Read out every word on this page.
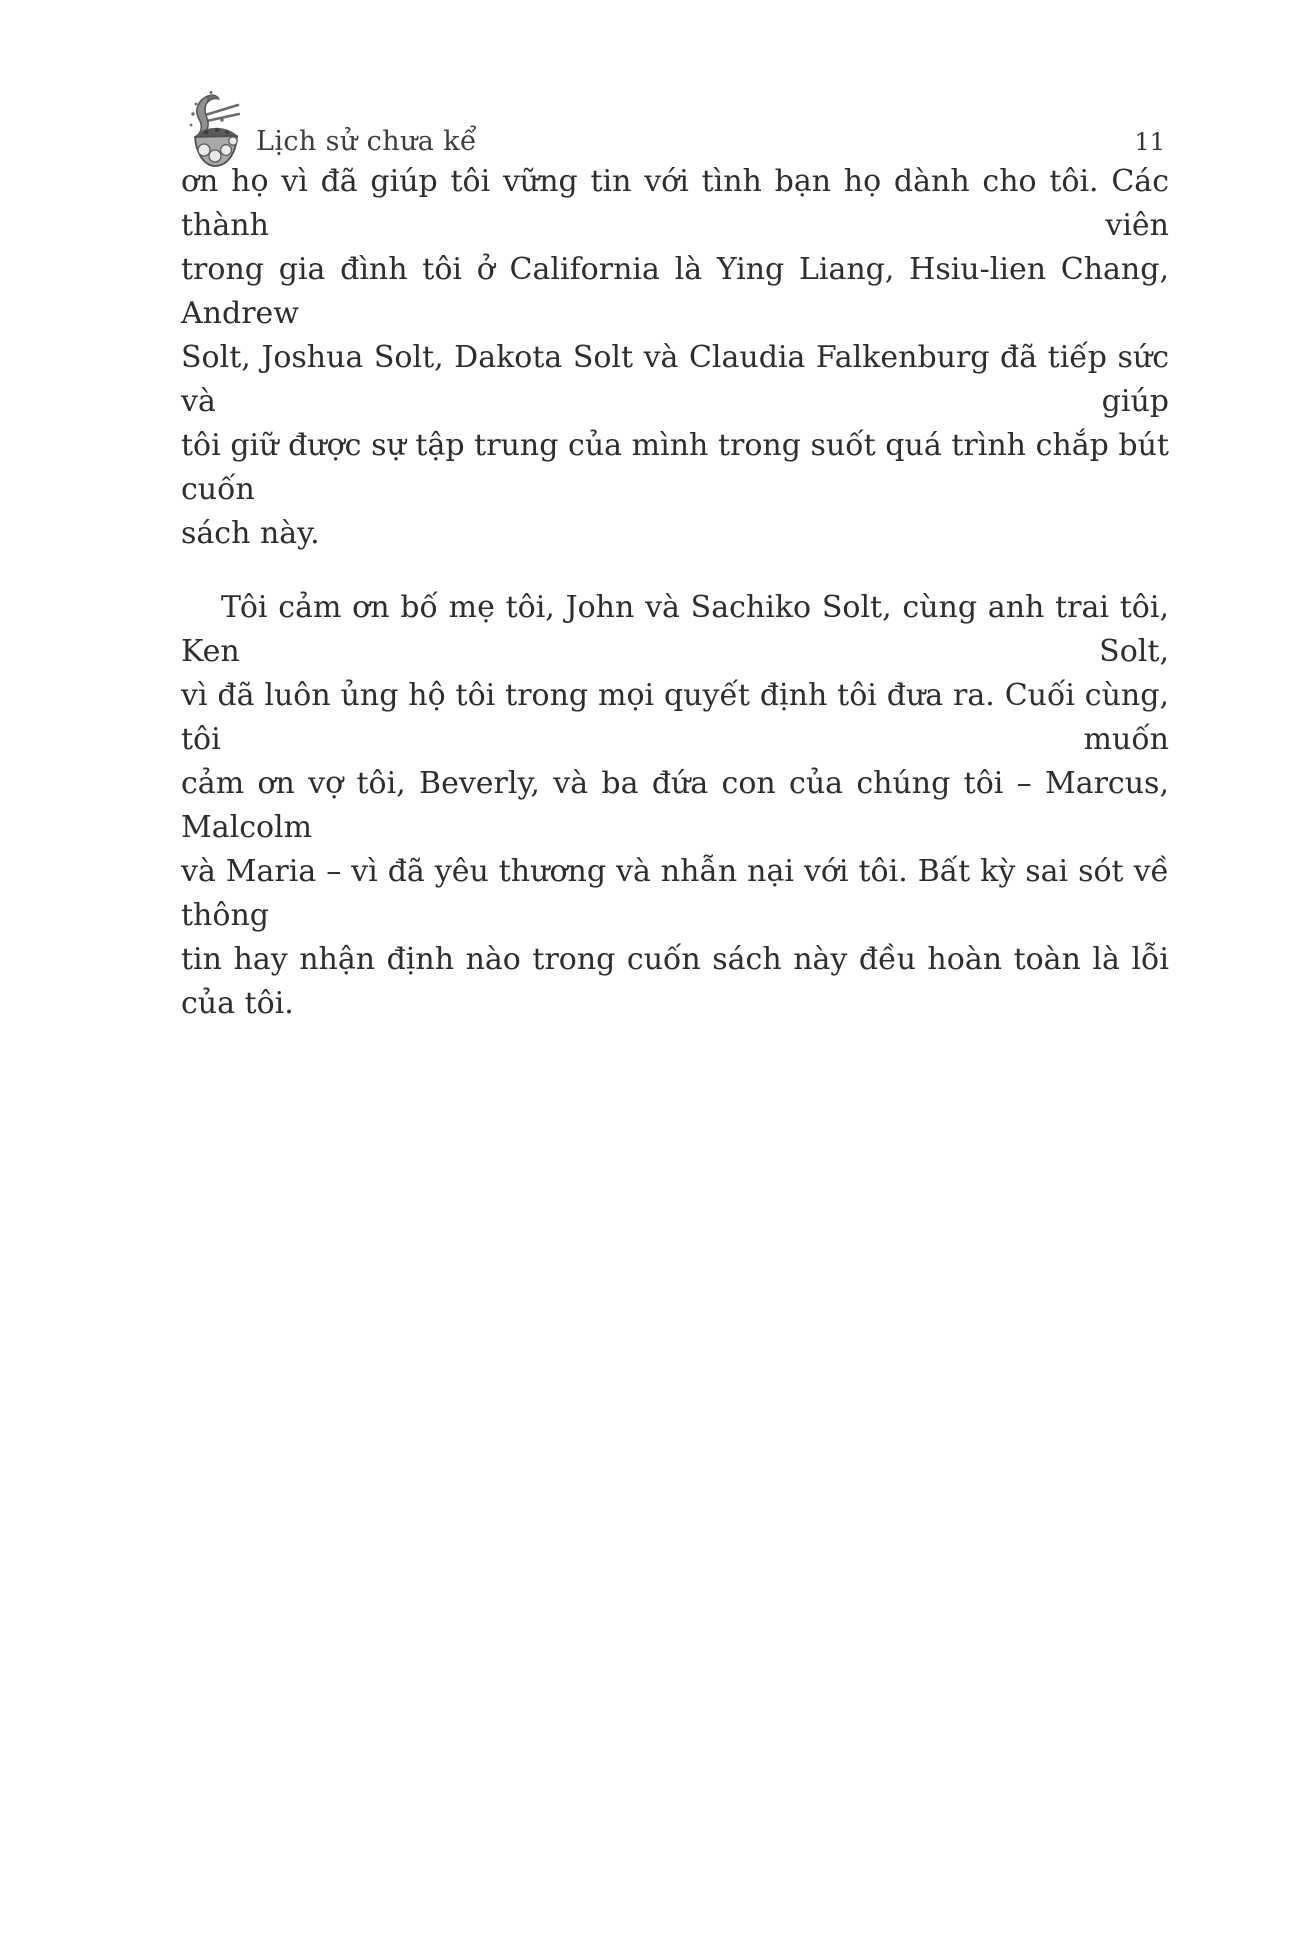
Lịch sử chưa kể	11
ơn họ vì đã giúp tôi vững tin với tình bạn họ dành cho tôi. Các thành viên
trong gia đình tôi ở California là Ying Liang, Hsiu-lien Chang, Andrew
Solt, Joshua Solt, Dakota Solt và Claudia Falkenburg đã tiếp sức và giúp
tôi giữ được sự tập trung của mình trong suốt quá trình chắp bút cuốn
sách này.
Tôi cảm ơn bố mẹ tôi, John và Sachiko Solt, cùng anh trai tôi, Ken Solt,
vì đã luôn ủng hộ tôi trong mọi quyết định tôi đưa ra. Cuối cùng, tôi muốn
cảm ơn vợ tôi, Beverly, và ba đứa con của chúng tôi – Marcus, Malcolm
và Maria – vì đã yêu thương và nhẫn nại với tôi. Bất kỳ sai sót về thông
tin hay nhận định nào trong cuốn sách này đều hoàn toàn là lỗi của tôi.
